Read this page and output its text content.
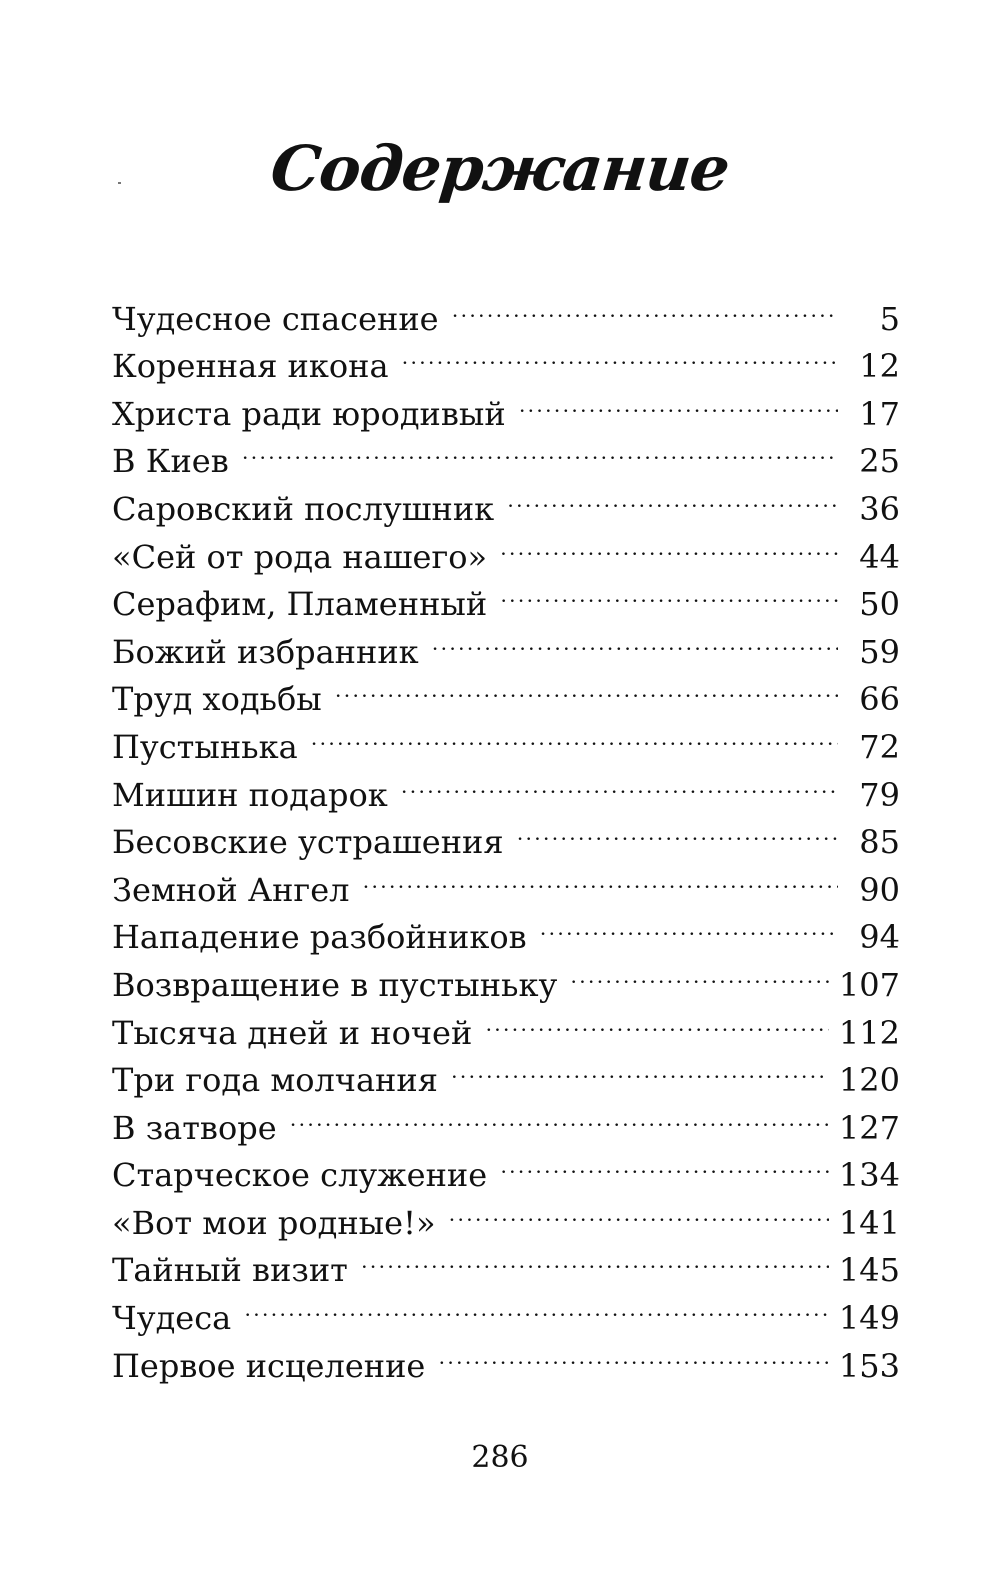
Содержание
Чудесное спасение . . .	5
Коренная икона . . .	12
Христа ради юродивый . . .	17
В Киев . . .	25
Саровский послушник . . .	36
«Сей от рода нашего» . . .	44
Серафим, Пламенный . . .	50
Божий избранник . . .	59
Труд ходьбы . . .	66
Пустынька . . .	72
Мишин подарок . . .	79
Бесовские устрашения . . .	85
Земной Ангел . . .	90
Нападение разбойников . . .	94
Возвращение в пустыньку . . .	107
Тысяча дней и ночей . . .	112
Три года молчания . . .	120
В затворе . . .	127
Старческое служение . . .	134
«Вот мои родные!» . . .	141
Тайный визит . . .	145
Чудеса . . .	149
Первое исцеление . . .	153
286
